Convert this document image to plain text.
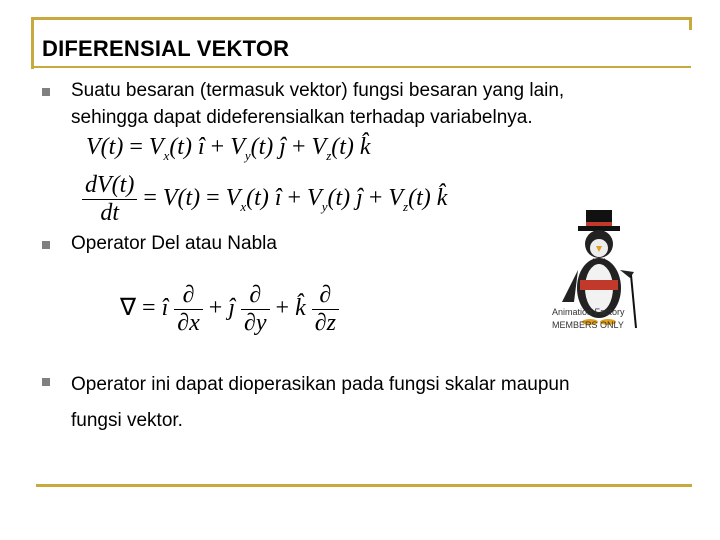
DIFERENSIAL VEKTOR
Suatu besaran (termasuk vektor) fungsi besaran yang lain,
sehingga dapat dideferensialkan terhadap variabelnya.
$V(t) = V_x(t)$ î + $V_y(t)$ ĵ + $V_z(t)$ k̂
$\frac{dV(t)}{dt} = V(t) = V_x(t)$ î + $V_y(t)$ ĵ + $V_z(t)$ k̂
Operator Del atau Nabla
∇ = î $\frac{\partial}{\partial x}$ + ĵ $\frac{\partial}{\partial y}$ + k̂ $\frac{\partial}{\partial z}$	Animation Factory
MEMBERS ONLY
Operator ini dapat dioperasikan pada fungsi skalar maupun
fungsi vektor.
